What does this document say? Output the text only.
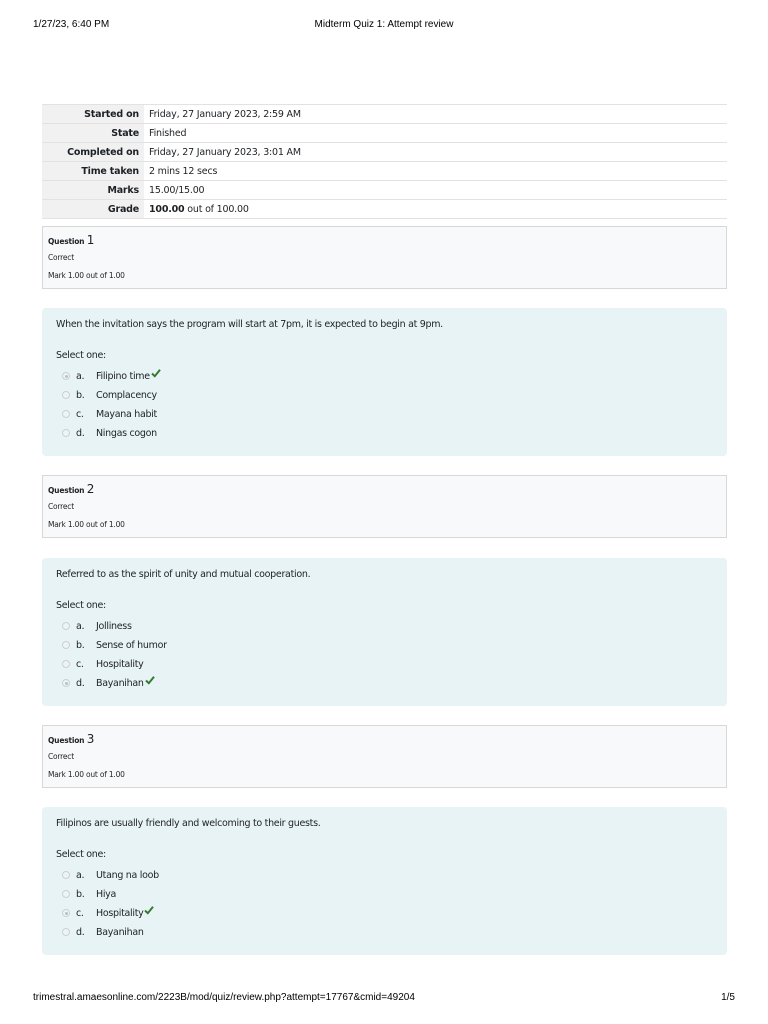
1/27/23, 6:40 PM	Midterm Quiz 1: Attempt review
Started on	Friday, 27 January 2023, 2:59 AM
State	Finished
Completed on	Friday, 27 January 2023, 3:01 AM
Time taken	2 mins 12 secs
Marks	15.00/15.00
Grade	100.00 out of 100.00
Question 1
Correct
Mark 1.00 out of 1.00
When the invitation says the program will start at 7pm, it is expected to begin at 9pm.
Select one:
a.	Filipino time
b.	Complacency
c.	Mayana habit
d.	Ningas cogon
Question 2
Correct
Mark 1.00 out of 1.00
Referred to as the spirit of unity and mutual cooperation.
Select one:
a.	Jolliness
b.	Sense of humor
c.	Hospitality
d.	Bayanihan
Question 3
Correct
Mark 1.00 out of 1.00
Filipinos are usually friendly and welcoming to their guests.
Select one:
a.	Utang na loob
b.	Hiya
c.	Hospitality
d.	Bayanihan
trimestral.amaesonline.com/2223B/mod/quiz/review.php?attempt=17767&cmid=49204	1/5
